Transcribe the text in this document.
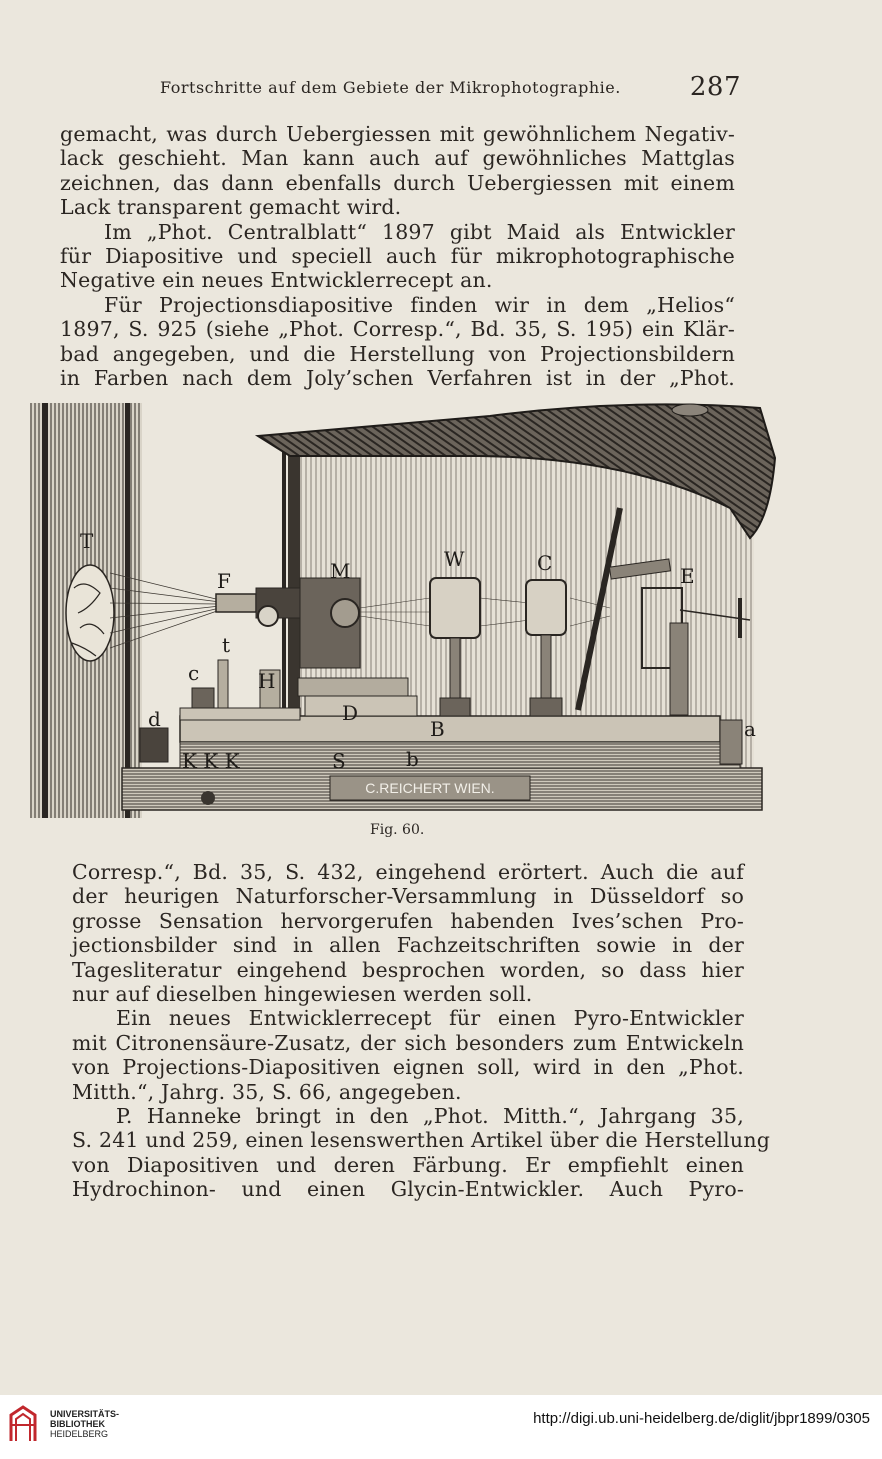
Fortschritte auf dem Gebiete der Mikrophotographie.	287
gemacht, was durch Uebergiessen mit gewöhnlichem Negativ-
lack geschieht. Man kann auch auf gewöhnliches Mattglas
zeichnen, das dann ebenfalls durch Uebergiessen mit einem
Lack transparent gemacht wird.
Im „Phot. Centralblatt“ 1897 gibt Maid als Entwickler
für Diapositive und speciell auch für mikrophotographische
Negative ein neues Entwicklerrecept an.
Für Projectionsdiapositive finden wir in dem „Helios“
1897, S. 925 (siehe „Phot. Corresp.“, Bd. 35, S. 195) ein Klär-
bad angegeben, und die Herstellung von Projectionsbildern
in Farben nach dem Joly’schen Verfahren ist in der „Phot.
C.REICHERT WIEN.
T
F	M	W	C
E
t
c	H
d	D
B	a
K K K	S	b
Fig. 60.
Corresp.“, Bd. 35, S. 432, eingehend erörtert. Auch die auf
der heurigen Naturforscher-Versammlung in Düsseldorf so
grosse Sensation hervorgerufen habenden Ives’schen Pro-
jectionsbilder sind in allen Fachzeitschriften sowie in der
Tagesliteratur eingehend besprochen worden, so dass hier
nur auf dieselben hingewiesen werden soll.
Ein neues Entwicklerrecept für einen Pyro-Entwickler
mit Citronensäure-Zusatz, der sich besonders zum Entwickeln
von Projections-Diapositiven eignen soll, wird in den „Phot.
Mitth.“, Jahrg. 35, S. 66, angegeben.
P. Hanneke bringt in den „Phot. Mitth.“, Jahrgang 35,
S. 241 und 259, einen lesenswerthen Artikel über die Herstellung
von Diapositiven und deren Färbung. Er empfiehlt einen
Hydrochinon- und einen Glycin-Entwickler. Auch Pyro-
UNIVERSITÄTS-
BIBLIOTHEK
HEIDELBERG
http://digi.ub.uni-heidelberg.de/diglit/jbpr1899/0305
